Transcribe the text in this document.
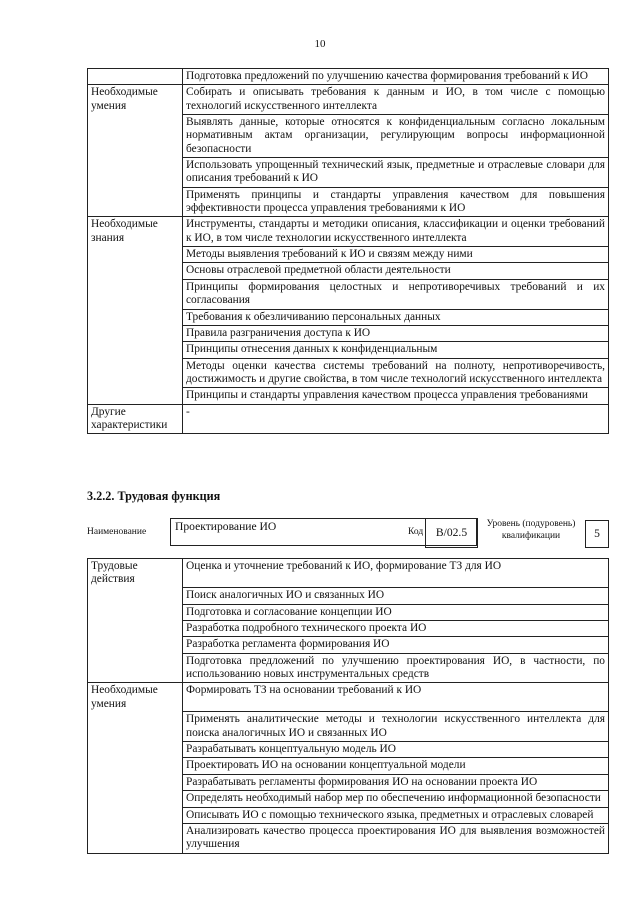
10
	Подготовка предложений по улучшению качества формирования требований к ИО
Необходимые умения	Собирать и описывать требования к данным и ИО, в том числе с помощью технологий искусственного интеллекта
	Выявлять данные, которые относятся к конфиденциальным согласно локальным нормативным актам организации, регулирующим вопросы информационной безопасности
	Использовать упрощенный технический язык, предметные и отраслевые словари для описания требований к ИО
	Применять принципы и стандарты управления качеством для повышения эффективности процесса управления требованиями к ИО
Необходимые знания	Инструменты, стандарты и методики описания, классификации и оценки требований к ИО, в том числе технологии искусственного интеллекта
	Методы выявления требований к ИО и связям между ними
	Основы отраслевой предметной области деятельности
	Принципы формирования целостных и непротиворечивых требований и их согласования
	Требования к обезличиванию персональных данных
	Правила разграничения доступа к ИО
	Принципы отнесения данных к конфиденциальным
	Методы оценки качества системы требований на полноту, непротиворечивость, достижимость и другие свойства, в том числе технологий искусственного интеллекта
	Принципы и стандарты управления качеством процесса управления требованиями
Другие характеристики	-
3.2.2. Трудовая функция
Наименование	Проектирование ИО	Код	B/02.5
Уровень (подуровень) квалификации	5
Трудовые действия	Оценка и уточнение требований к ИО, формирование ТЗ для ИО
	Поиск аналогичных ИО и связанных ИО
	Подготовка и согласование концепции ИО
	Разработка подробного технического проекта ИО
	Разработка регламента формирования ИО
	Подготовка предложений по улучшению проектирования ИО, в частности, по использованию новых инструментальных средств
Необходимые умения	Формировать ТЗ на основании требований к ИО
	Применять аналитические методы и технологии искусственного интеллекта для поиска аналогичных ИО и связанных ИО
	Разрабатывать концептуальную модель ИО
	Проектировать ИО на основании концептуальной модели
	Разрабатывать регламенты формирования ИО на основании проекта ИО
	Определять необходимый набор мер по обеспечению информационной безопасности
	Описывать ИО с помощью технического языка, предметных и отраслевых словарей
	Анализировать качество процесса проектирования ИО для выявления возможностей улучшения
